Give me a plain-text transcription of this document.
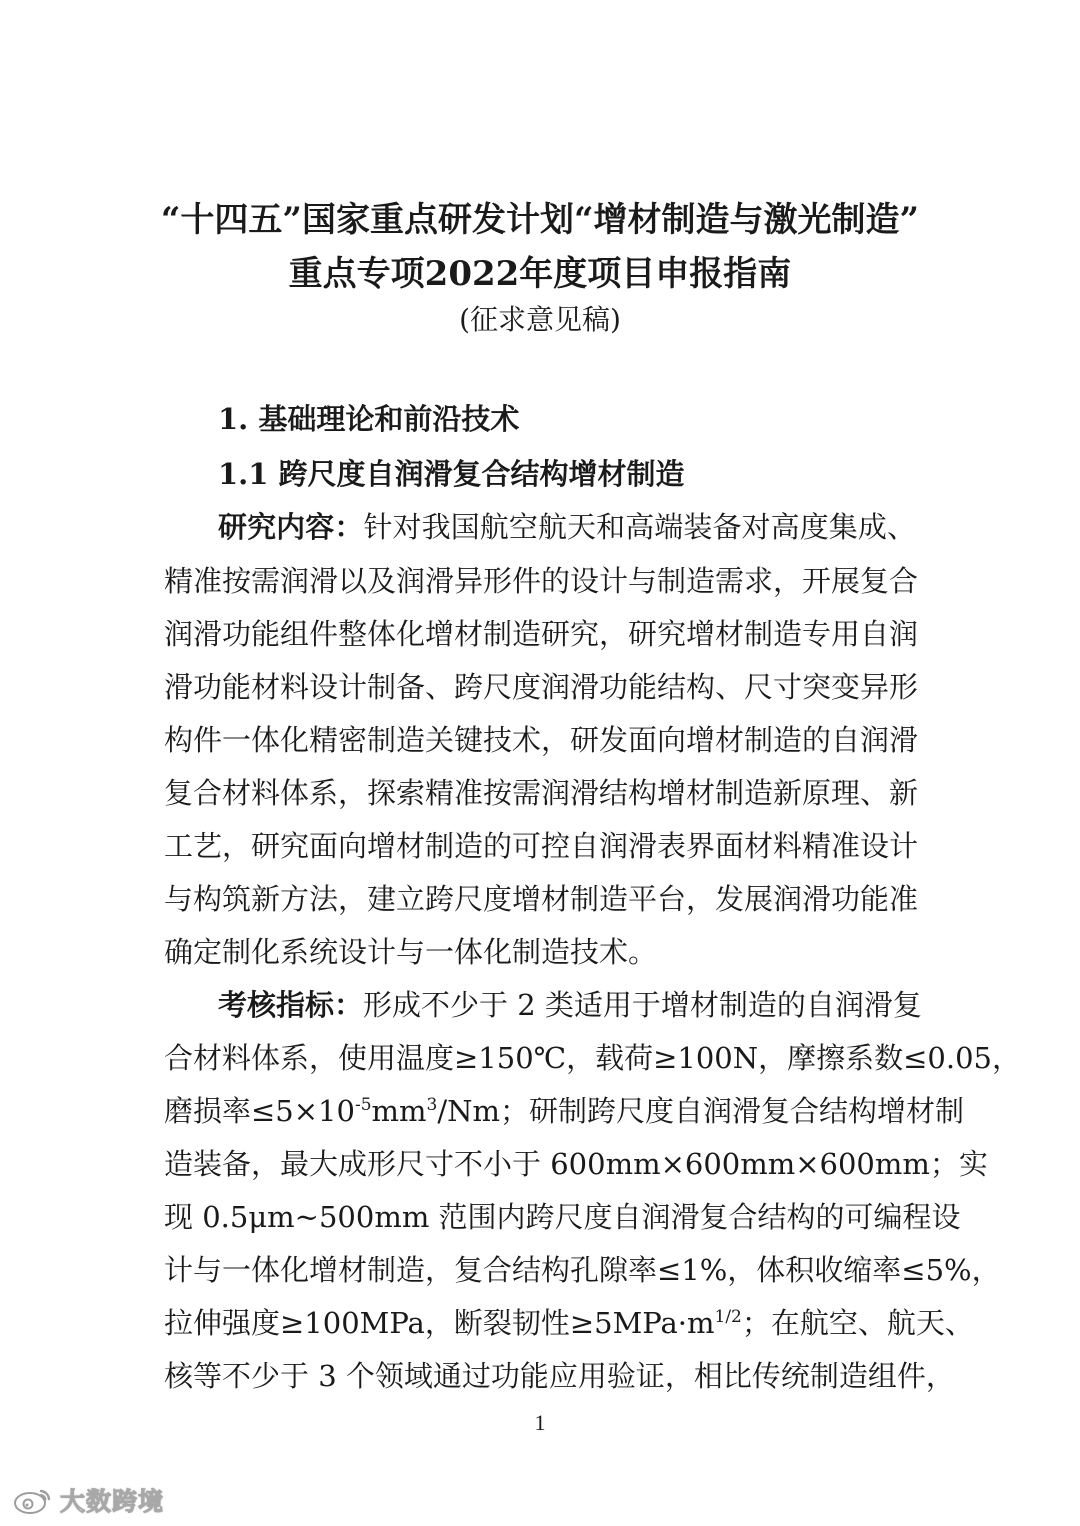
“十四五”国家重点研发计划“增材制造与激光制造”
重点专项2022年度项目申报指南
(征求意见稿)
1. 基础理论和前沿技术
1.1 跨尺度自润滑复合结构增材制造
研究内容：针对我国航空航天和高端装备对高度集成、
精准按需润滑以及润滑异形件的设计与制造需求，开展复合
润滑功能组件整体化增材制造研究，研究增材制造专用自润
滑功能材料设计制备、跨尺度润滑功能结构、尺寸突变异形
构件一体化精密制造关键技术，研发面向增材制造的自润滑
复合材料体系，探索精准按需润滑结构增材制造新原理、新
工艺，研究面向增材制造的可控自润滑表界面材料精准设计
与构筑新方法，建立跨尺度增材制造平台，发展润滑功能准
确定制化系统设计与一体化制造技术。
考核指标：形成不少于 2 类适用于增材制造的自润滑复
合材料体系，使用温度≥150℃，载荷≥100N，摩擦系数≤0.05，
磨损率$\le 5\times 10^{-5}mm^3/Nm$；研制跨尺度自润滑复合结构增材制
造装备，最大成形尺寸不小于 600mm×600mm×600mm；实
现 0.5μm~500mm 范围内跨尺度自润滑复合结构的可编程设
计与一体化增材制造，复合结构孔隙率≤1%，体积收缩率≤5%，
拉伸强度≥100MPa，断裂韧性$\ge 5MPa\cdot m^{1/2}$；在航空、航天、
核等不少于 3 个领域通过功能应用验证，相比传统制造组件，
1
大数跨境
